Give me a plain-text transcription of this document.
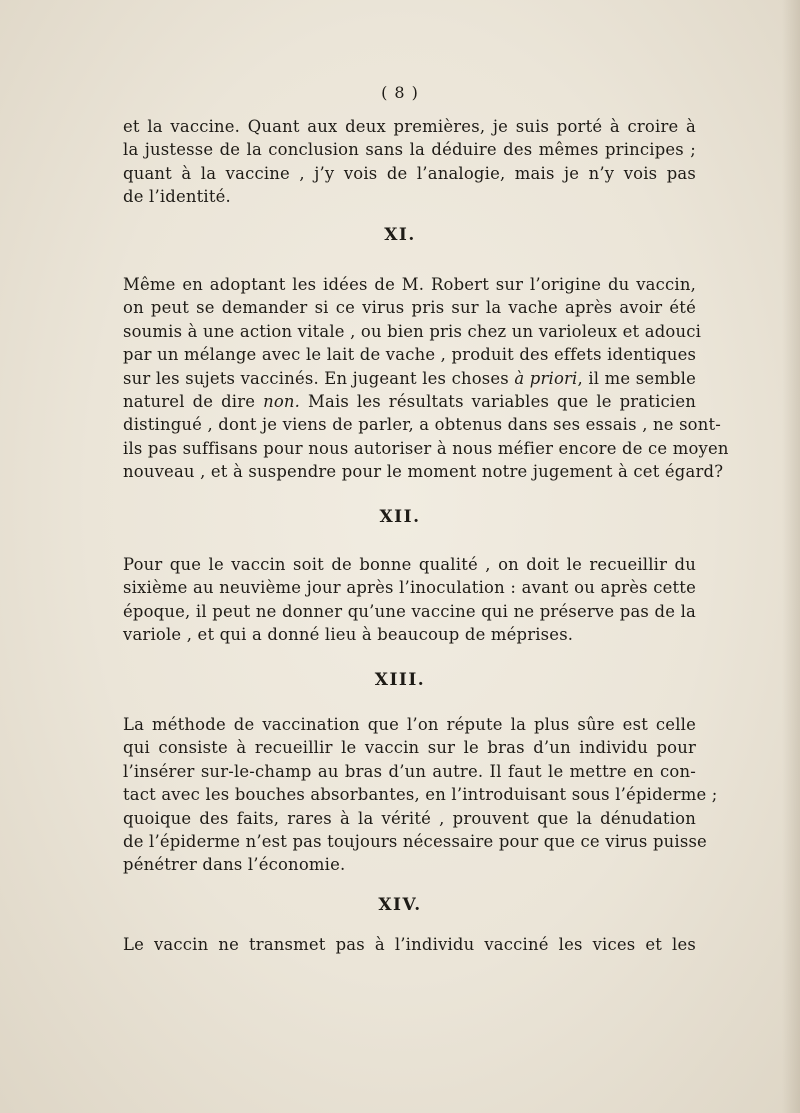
( 8 )
et la vaccine. Quant aux deux premières, je suis porté à croire à
la justesse de la conclusion sans la déduire des mêmes principes ;
quant à la vaccine , j’y vois de l’analogie, mais je n’y vois pas
de l’identité.
XI.
Même en adoptant les idées de M. Robert sur l’origine du vaccin,
on peut se demander si ce virus pris sur la vache après avoir été
soumis à une action vitale , ou bien pris chez un varioleux et adouci
par un mélange avec le lait de vache , produit des effets identiques
sur les sujets vaccinés. En jugeant les choses à priori, il me semble
naturel de dire non. Mais les résultats variables que le praticien
distingué , dont je viens de parler, a obtenus dans ses essais , ne sont-
ils pas suffisans pour nous autoriser à nous méfier encore de ce moyen
nouveau , et à suspendre pour le moment notre jugement à cet égard?
XII.
Pour que le vaccin soit de bonne qualité , on doit le recueillir du
sixième au neuvième jour après l’inoculation : avant ou après cette
époque, il peut ne donner qu’une vaccine qui ne préserve pas de la
variole , et qui a donné lieu à beaucoup de méprises.
XIII.
La méthode de vaccination que l’on répute la plus sûre est celle
qui consiste à recueillir le vaccin sur le bras d’un individu pour
l’insérer sur-le-champ au bras d’un autre. Il faut le mettre en con-
tact avec les bouches absorbantes, en l’introduisant sous l’épiderme ;
quoique des faits, rares à la vérité , prouvent que la dénudation
de l’épiderme n’est pas toujours nécessaire pour que ce virus puisse
pénétrer dans l’économie.
XIV.
Le vaccin ne transmet pas à l’individu vacciné les vices et les
